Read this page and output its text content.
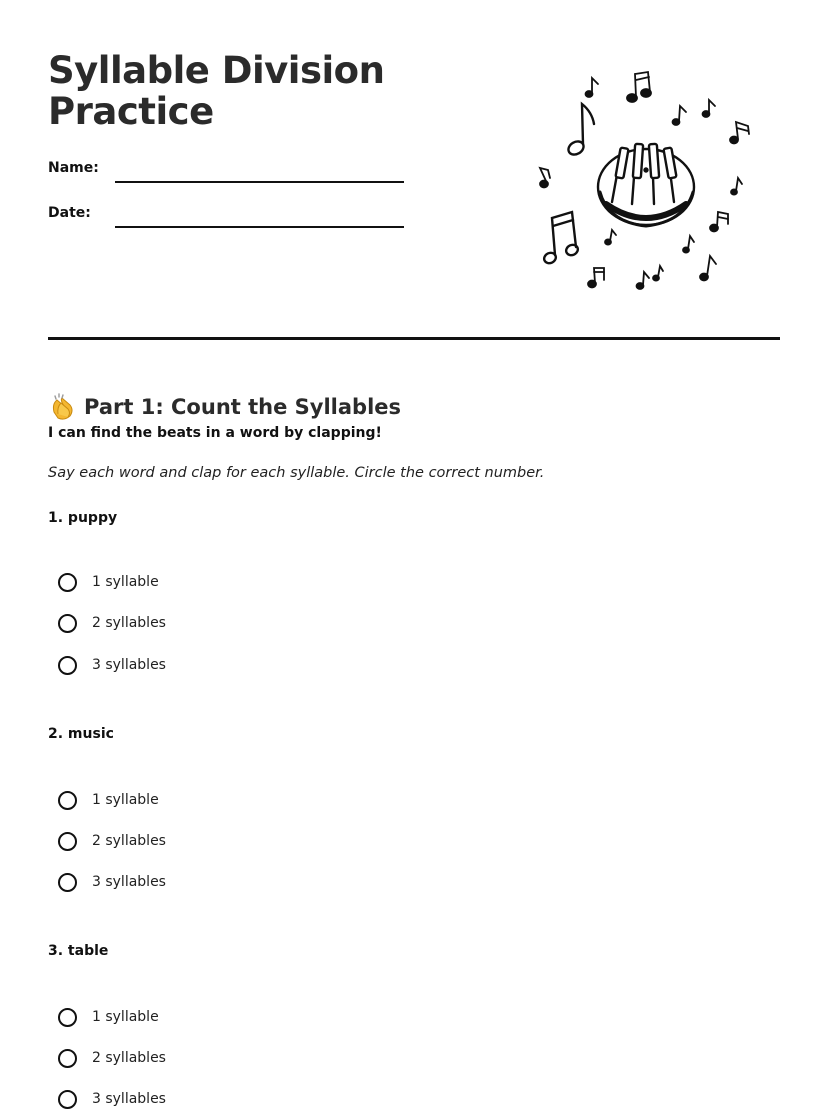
Syllable Division Practice
Name:
Date:
Part 1: Count the Syllables
I can find the beats in a word by clapping!
Say each word and clap for each syllable. Circle the correct number.
1. puppy
1 syllable
2 syllables
3 syllables
2. music
1 syllable
2 syllables
3 syllables
3. table
1 syllable
2 syllables
3 syllables
